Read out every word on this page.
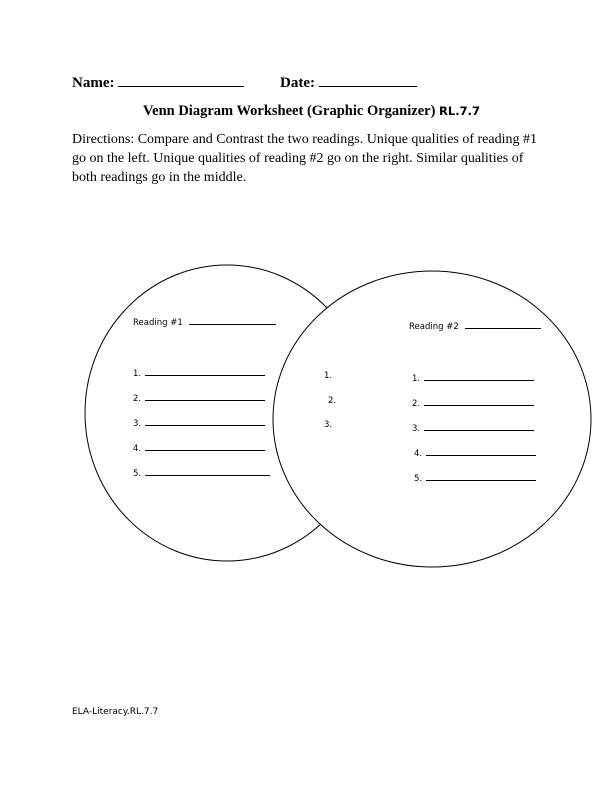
Name:	Date:
Venn Diagram Worksheet (Graphic Organizer) RL.7.7
Directions: Compare and Contrast the two readings. Unique qualities of reading #1 go on the left. Unique qualities of reading #2 go on the right. Similar qualities of both readings go in the middle.
Reading #1
1.
2.
3.
4.
5.
1.
2.
3.
Reading #2
1.
2.
3.
4.
5.
ELA-Literacy.RL.7.7
